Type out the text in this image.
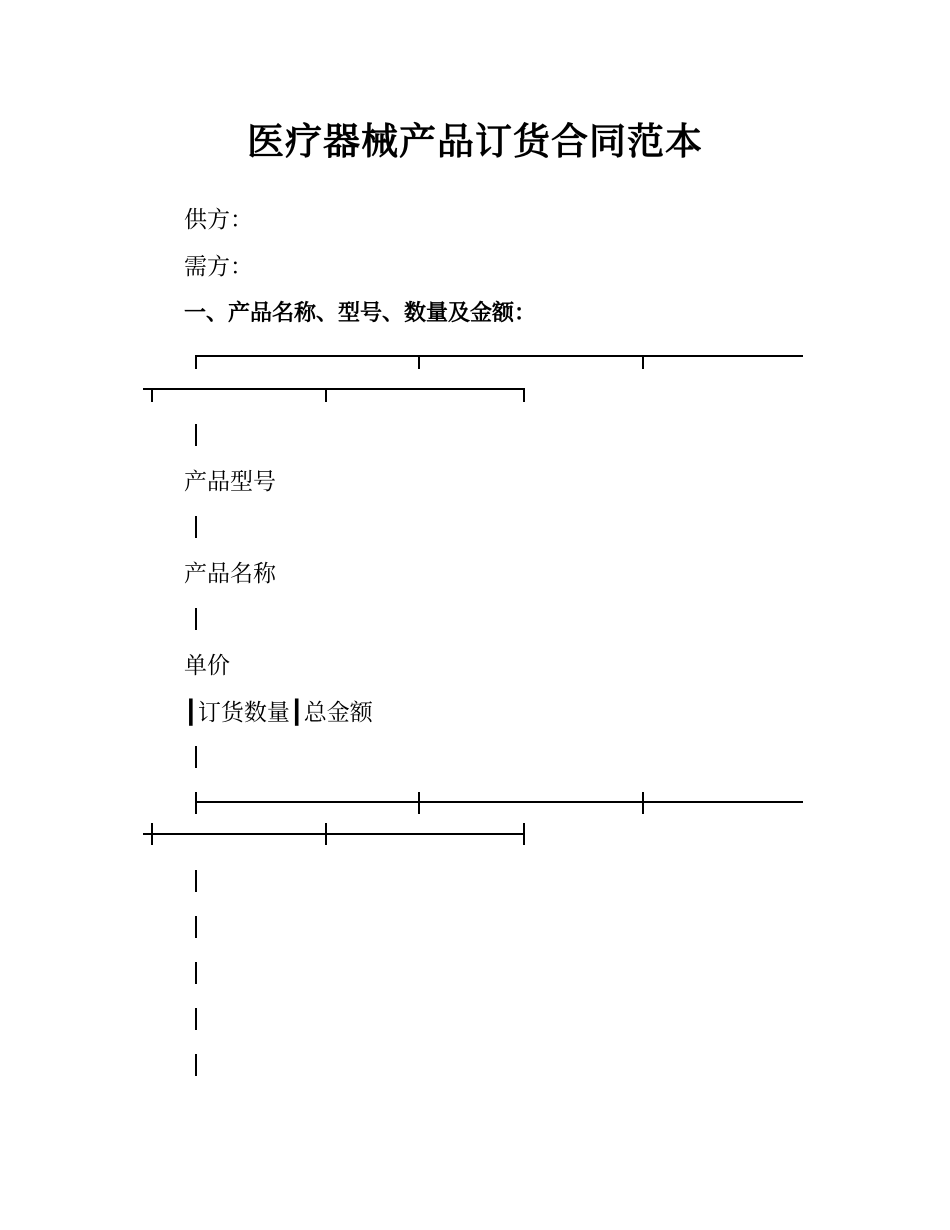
医疗器械产品订货合同范本
供方：
需方：
一、产品名称、型号、数量及金额：
产品型号
产品名称
单价
┃订货数量┃总金额
